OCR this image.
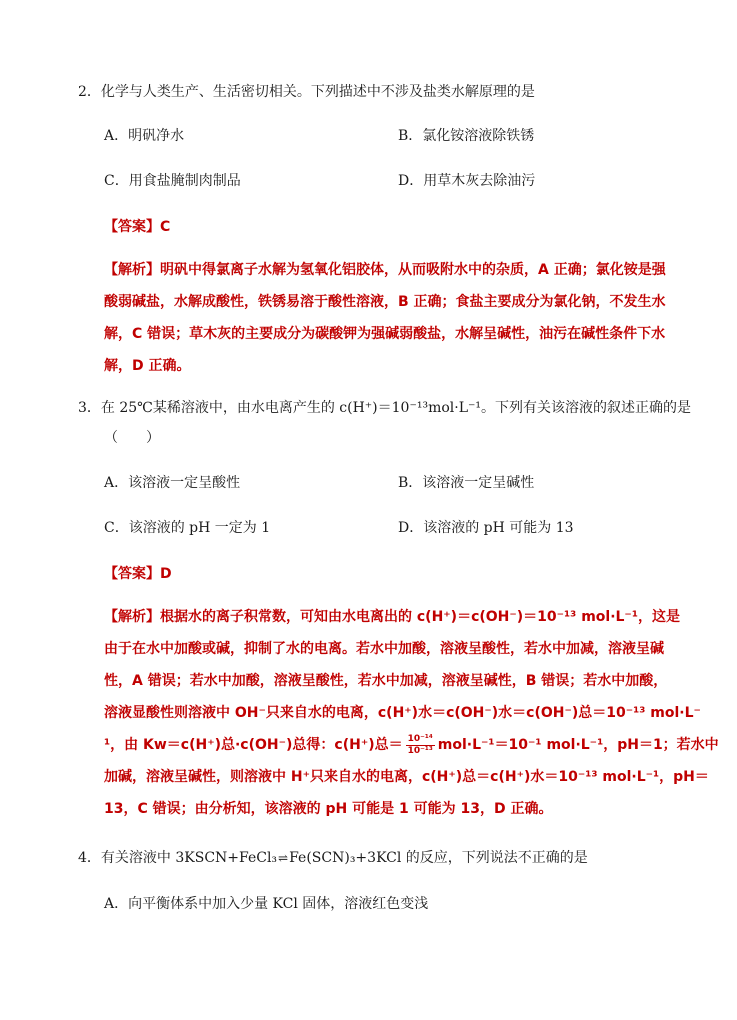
2．化学与人类生产、生活密切相关。下列描述中不涉及盐类水解原理的是
A．明矾净水	B．氯化铵溶液除铁锈
C．用食盐腌制肉制品	D．用草木灰去除油污
【答案】C
【解析】明矾中得氯离子水解为氢氧化铝胶体，从而吸附水中的杂质，A 正确；氯化铵是强
酸弱碱盐，水解成酸性，铁锈易溶于酸性溶液，B 正确；食盐主要成分为氯化钠，不发生水
解，C 错误；草木灰的主要成分为碳酸钾为强碱弱酸盐，水解呈碱性，油污在碱性条件下水
解，D 正确。
3．在 25℃某稀溶液中，由水电离产生的 c(H⁺)＝10⁻¹³mol·L⁻¹。下列有关该溶液的叙述正确的是
（　　）
A．该溶液一定呈酸性	B．该溶液一定呈碱性
C．该溶液的 pH 一定为 1	D．该溶液的 pH 可能为 13
【答案】D
【解析】根据水的离子积常数，可知由水电离出的 c(H⁺)＝c(OH⁻)＝10⁻¹³ mol·L⁻¹，这是
由于在水中加酸或碱，抑制了水的电离。若水中加酸，溶液呈酸性，若水中加减，溶液呈碱
性，A 错误；若水中加酸，溶液呈酸性，若水中加减，溶液呈碱性，B 错误；若水中加酸，
溶液显酸性则溶液中 OH⁻只来自水的电离，c(H⁺)水＝c(OH⁻)水＝c(OH⁻)总＝10⁻¹³ mol·L⁻
¹，由 Kw＝c(H⁺)总·c(OH⁻)总得：c(H⁺)总＝ $\frac{\text{10⁻¹⁴}}{\text{10⁻¹³}} mol\cdot L^{-1}=10^{-1}$ mol·L⁻¹，pH＝1；若水中
加碱，溶液呈碱性，则溶液中 H⁺只来自水的电离，c(H⁺)总＝c(H⁺)水＝10⁻¹³ mol·L⁻¹，pH＝
13，C 错误；由分析知，该溶液的 pH 可能是 1 可能为 13，D 正确。
4．有关溶液中 3KSCN+FeCl₃⇌Fe(SCN)₃+3KCl 的反应，下列说法不正确的是
A．向平衡体系中加入少量 KCl 固体，溶液红色变浅
